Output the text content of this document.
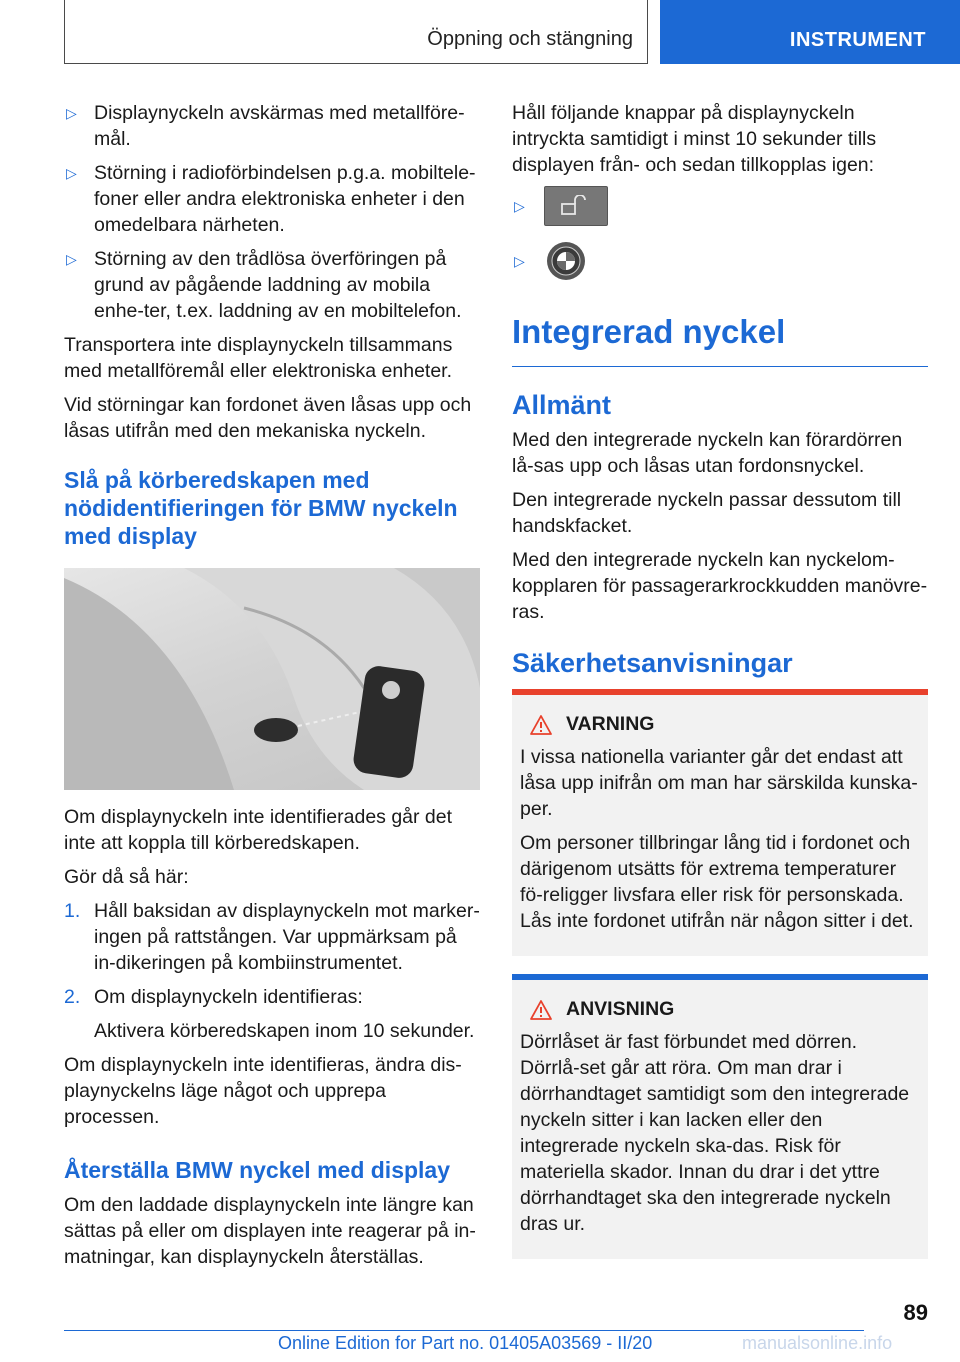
Öppning och stängning	INSTRUMENT
▷ Displaynyckeln avskärmas med metallföre-mål.
▷ Störning i radioförbindelsen p.g.a. mobiltele-foner eller andra elektroniska enheter i den omedelbara närheten.
▷ Störning av den trådlösa överföringen på grund av pågående laddning av mobila enhe-ter, t.ex. laddning av en mobiltelefon.

Transportera inte displaynyckeln tillsammans med metallföremål eller elektroniska enheter.

Vid störningar kan fordonet även låsas upp och låsas utifrån med den mekaniska nyckeln.

Slå på körberedskapen med nödidentifieringen för BMW nyckeln med display

Om displaynyckeln inte identifierades går det inte att koppla till körberedskapen.

Gör då så här:

1. Håll baksidan av displaynyckeln mot marker-ingen på rattstången. Var uppmärksam på in-dikeringen på kombiinstrumentet.
2. Om displaynyckeln identifieras:

Aktivera körberedskapen inom 10 sekunder.

Om displaynyckeln inte identifieras, ändra dis-playnyckelns läge något och upprepa processen.

Återställa BMW nyckel med display

Om den laddade displaynyckeln inte längre kan sättas på eller om displayen inte reagerar på in-matningar, kan displaynyckeln återställas.

Håll följande knappar på displaynyckeln intryckta samtidigt i minst 10 sekunder tills displayen från- och sedan tillkopplas igen:

▷
▷
Integrerad nyckel
Allmänt

Med den integrerade nyckeln kan förardörren lå-sas upp och låsas utan fordonsnyckel.

Den integrerade nyckeln passar dessutom till handskfacket.

Med den integrerade nyckeln kan nyckelom-kopplaren för passagerarkrockkudden manövre-ras.

Säkerhetsanvisningar
VARNING

I vissa nationella varianter går det endast att låsa upp inifrån om man har särskilda kunska-per.

Om personer tillbringar lång tid i fordonet och därigenom utsätts för extrema temperaturer fö-religger livsfara eller risk för personskada. Lås inte fordonet utifrån när någon sitter i det.

ANVISNING

Dörrlåset är fast förbundet med dörren. Dörrlå-set går att röra. Om man drar i dörrhandtaget samtidigt som den integrerade nyckeln sitter i kan lacken eller den integrerade nyckeln ska-das. Risk för materiella skador. Innan du drar i det yttre dörrhandtaget ska den integrerade nyckeln dras ur.

89
Online Edition for Part no. 01405A03569 - II/20	manualsonline.info
